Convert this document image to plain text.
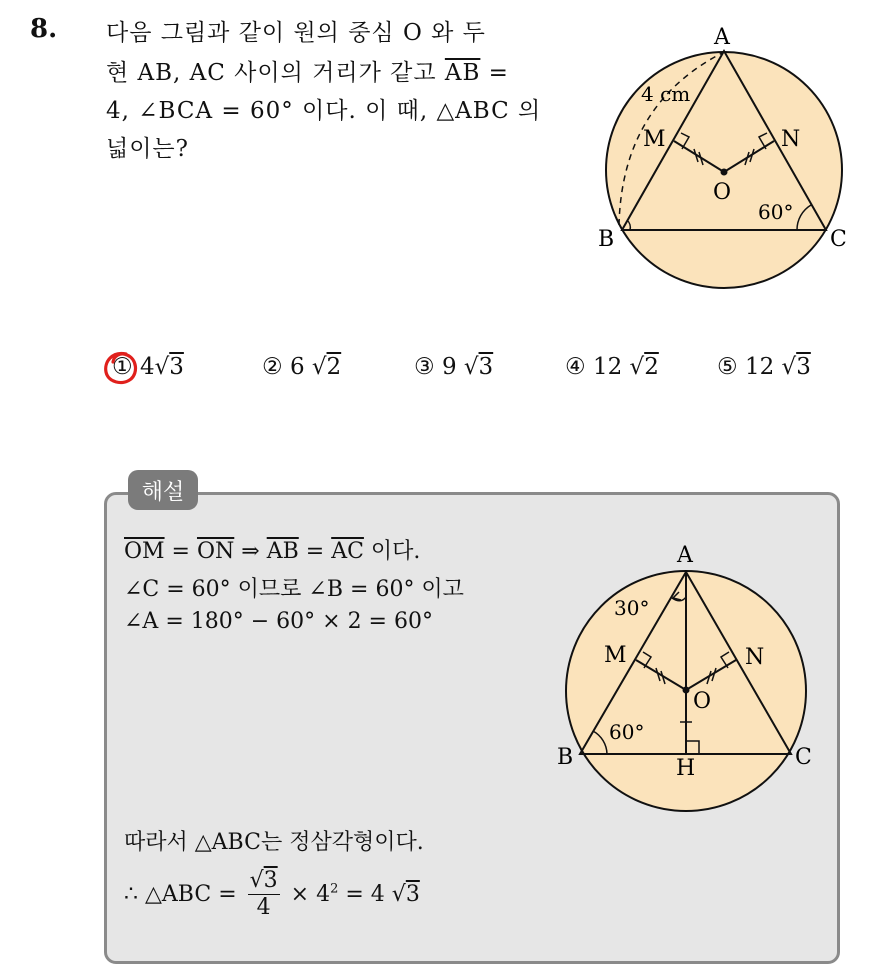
8. 다음 그림과 같이 원의 중심 O 와 두
현 AB, AC 사이의 거리가 같고 $\overline{AB}$ =
4, ∠BCA = 60° 이다. 이 때, △ABC 의
넓이는?
A
B	C
M	N
O
4 cm
60°
① 4√3	② 6 √2	③ 9 √3	④ 12 √2	⑤ 12 √3
해설
$\overline{OM} = \overline{ON}$ ⇒ $\overline{AB} = \overline{AC}$ 이다.
∠C = 60° 이므로 ∠B = 60° 이고
∠A = 180° − 60° × 2 = 60°
따라서 △ABC는 정삼각형이다.
∴ △ABC = $\frac{√3}{4} \times 4^2 = 4$ √3
A
B	C
M	N
O
H
30°
60°
